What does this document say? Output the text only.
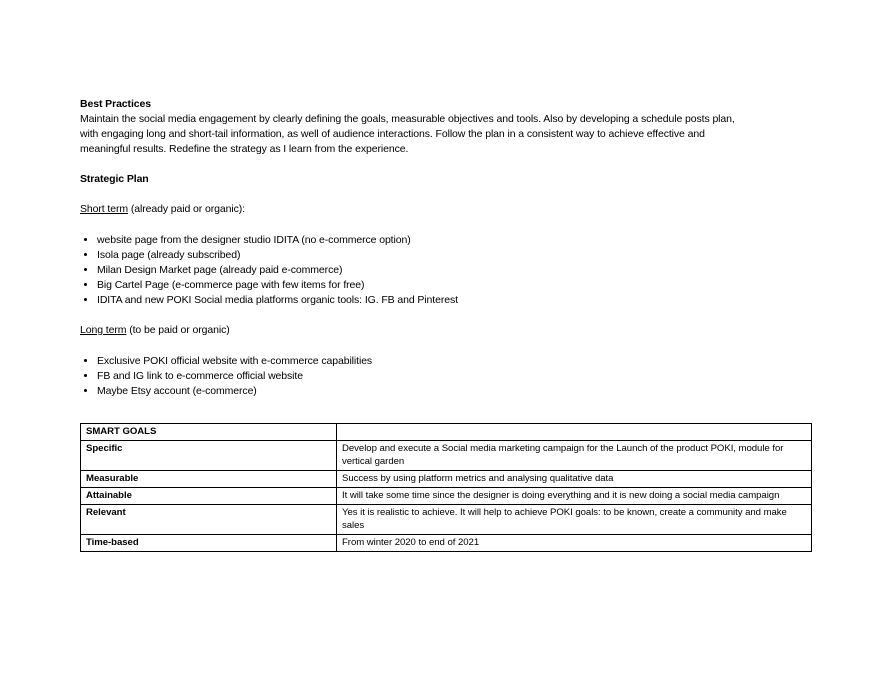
Best Practices

Maintain the social media engagement by clearly defining the goals, measurable objectives and tools. Also by developing a schedule posts plan,
with engaging long and short-tail information, as well of audience interactions. Follow the plan in a consistent way to achieve effective and
meaningful results. Redefine the strategy as I learn from the experience.

Strategic Plan

Short term (already paid or organic):

• website page from the designer studio IDITA (no e-commerce option)
• Isola page (already subscribed)
• Milan Design Market page (already paid e-commerce)
• Big Cartel Page (e-commerce page with few items for free)
• IDITA and new POKI Social media platforms organic tools: IG. FB and Pinterest

Long term (to be paid or organic)

• Exclusive POKI official website with e-commerce capabilities
• FB and IG link to e-commerce official website
• Maybe Etsy account (e-commerce)
SMART GOALS	
Specific	Develop and execute a Social media marketing campaign for the Launch of the product POKI, module for vertical garden
Measurable	Success by using platform metrics and analysing qualitative data
Attainable	It will take some time since the designer is doing everything and it is new doing a social media campaign
Relevant	Yes it is realistic to achieve. It will help to achieve POKI goals: to be known, create a community and make sales
Time-based	From winter 2020 to end of 2021
